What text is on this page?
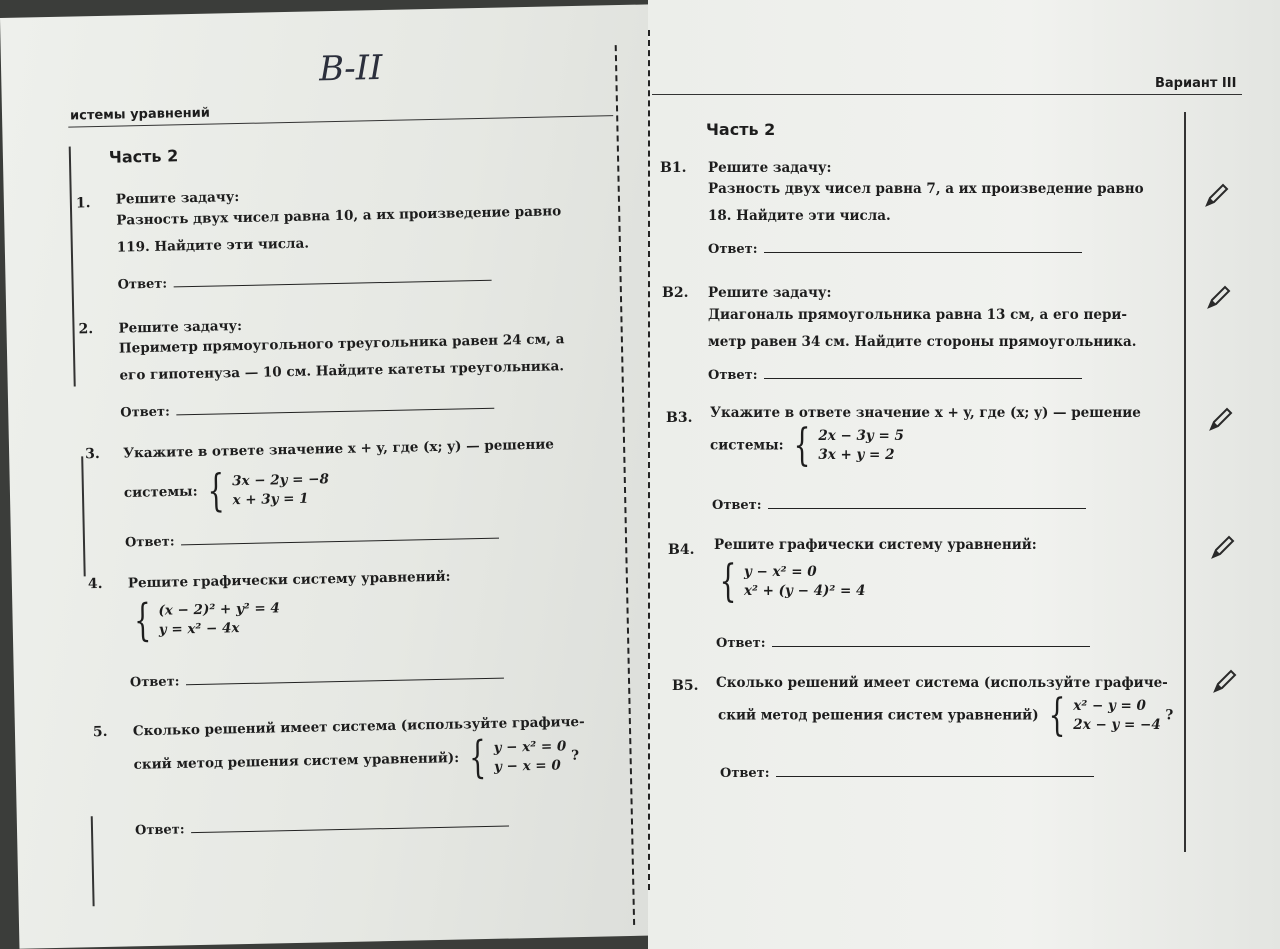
В-II
истемы уравнений
Часть 2
1. Решите задачу:
Разность двух чисел равна 10, а их произведение равно
119. Найдите эти числа.
Ответ:
2. Решите задачу:
Периметр прямоугольного треугольника равен 24 см, а
его гипотенуза — 10 см. Найдите катеты треугольника.
Ответ:
3. Укажите в ответе значение x + y, где (x; y) — решение
системы: { 3x − 2y = −8
x + 3y = 1
Ответ:
4. Решите графически систему уравнений:
{ (x − 2)² + y² = 4
y = x² − 4x
Ответ:
5. Сколько решений имеет система (используйте графиче-
ский метод решения систем уравнений): { y − x² = 0
y − x = 0
?
Ответ:
Вариант III
Часть 2
B1. Решите задачу:
Разность двух чисел равна 7, а их произведение равно
18. Найдите эти числа.
Ответ:
B2. Решите задачу:
Диагональ прямоугольника равна 13 см, а его пери-
метр равен 34 см. Найдите стороны прямоугольника.
Ответ:
B3. Укажите в ответе значение x + y, где (x; y) — решение
системы: { 2x − 3y = 5
3x + y = 2
Ответ:
B4. Решите графически систему уравнений:
{ y − x² = 0
x² + (y − 4)² = 4
Ответ:
B5. Сколько решений имеет система (используйте графиче-
ский метод решения систем уравнений) { x² − y = 0
2x − y = −4
?
Ответ:
